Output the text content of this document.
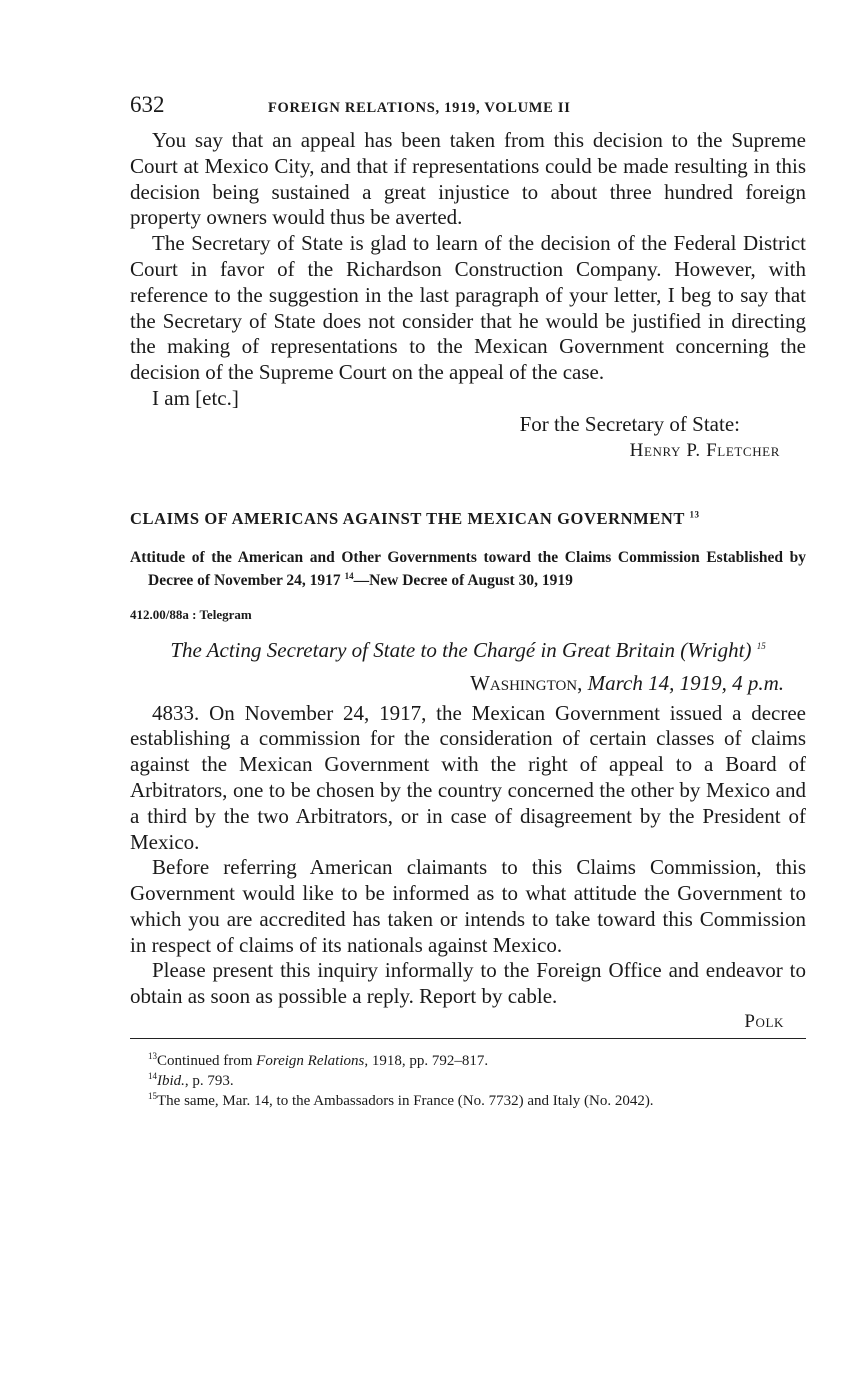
632	FOREIGN RELATIONS, 1919, VOLUME II

You say that an appeal has been taken from this decision to the Supreme Court at Mexico City, and that if representations could be made resulting in this decision being sustained a great injustice to about three hundred foreign property owners would thus be averted.

The Secretary of State is glad to learn of the decision of the Federal District Court in favor of the Richardson Construction Company. However, with reference to the suggestion in the last paragraph of your letter, I beg to say that the Secretary of State does not consider that he would be justified in directing the making of representations to the Mexican Government concerning the decision of the Supreme Court on the appeal of the case.

I am [etc.]

For the Secretary of State:

Henry P. Fletcher

CLAIMS OF AMERICANS AGAINST THE MEXICAN GOVERNMENT $^{13}$

Attitude of the American and Other Governments toward the Claims Commission Established by Decree of November 24, 1917 $^{14}$—New Decree of August 30, 1919

412.00/88a : Telegram

The Acting Secretary of State to the Chargé in Great Britain (Wright) $^{15}$

Washington, March 14, 1919, 4 p.m.

4833. On November 24, 1917, the Mexican Government issued a decree establishing a commission for the consideration of certain classes of claims against the Mexican Government with the right of appeal to a Board of Arbitrators, one to be chosen by the country concerned the other by Mexico and a third by the two Arbitrators, or in case of disagreement by the President of Mexico.

Before referring American claimants to this Claims Commission, this Government would like to be informed as to what attitude the Government to which you are accredited has taken or intends to take toward this Commission in respect of claims of its nationals against Mexico.

Please present this inquiry informally to the Foreign Office and endeavor to obtain as soon as possible a reply. Report by cable.

Polk

$^{13}$Continued from Foreign Relations, 1918, pp. 792–817.

$^{14}$Ibid., p. 793.

$^{15}$The same, Mar. 14, to the Ambassadors in France (No. 7732) and Italy (No. 2042).
